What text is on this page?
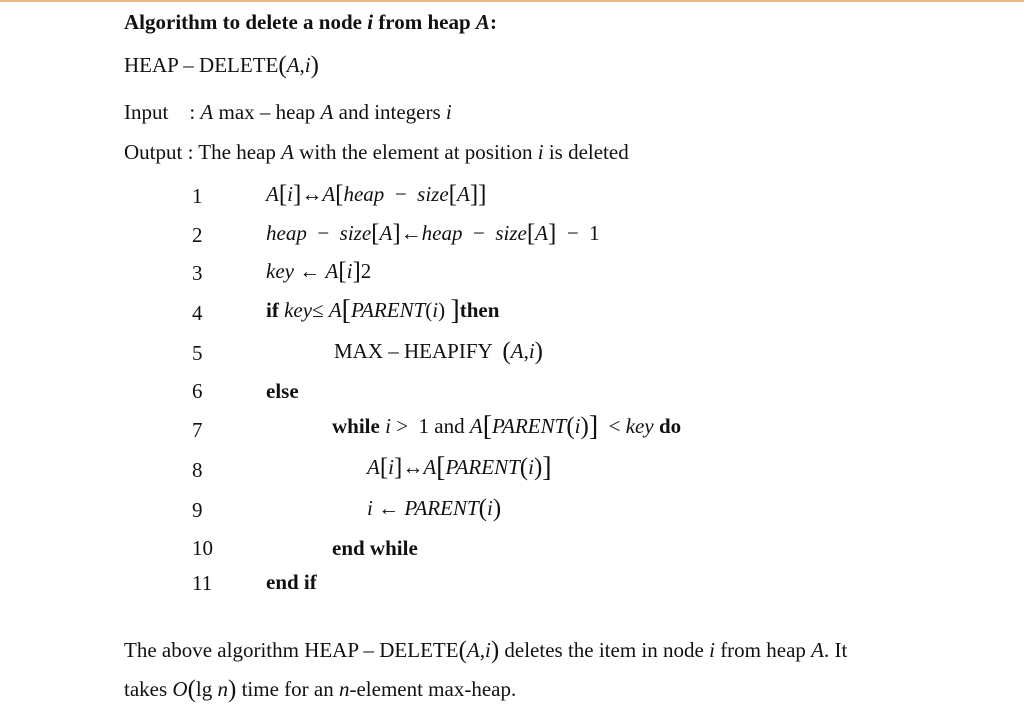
Algorithm to delete a node i from heap A:
HEAP – DELETE(A,i)
Input    : A max – heap A and integers i
Output : The heap A with the element at position i is deleted
1
2
3
4
5
6
7
8
9
10
11
A[i]↔A[heap  −  size[A]]
heap  −  size[A]←heap  −  size[A]  −  1
key ← A[i]2
if key≤ A[PARENT(i) ]then
MAX – HEAPIFY  (A,i)
else
while i >  1 and A[PARENT(i)]  < key do
A[i]↔A[PARENT(i)]
i ← PARENT(i)
end while
end if
The above algorithm HEAP – DELETE(A,i) deletes the item in node i from heap A. It
takes O(lg n) time for an n-element max-heap.
